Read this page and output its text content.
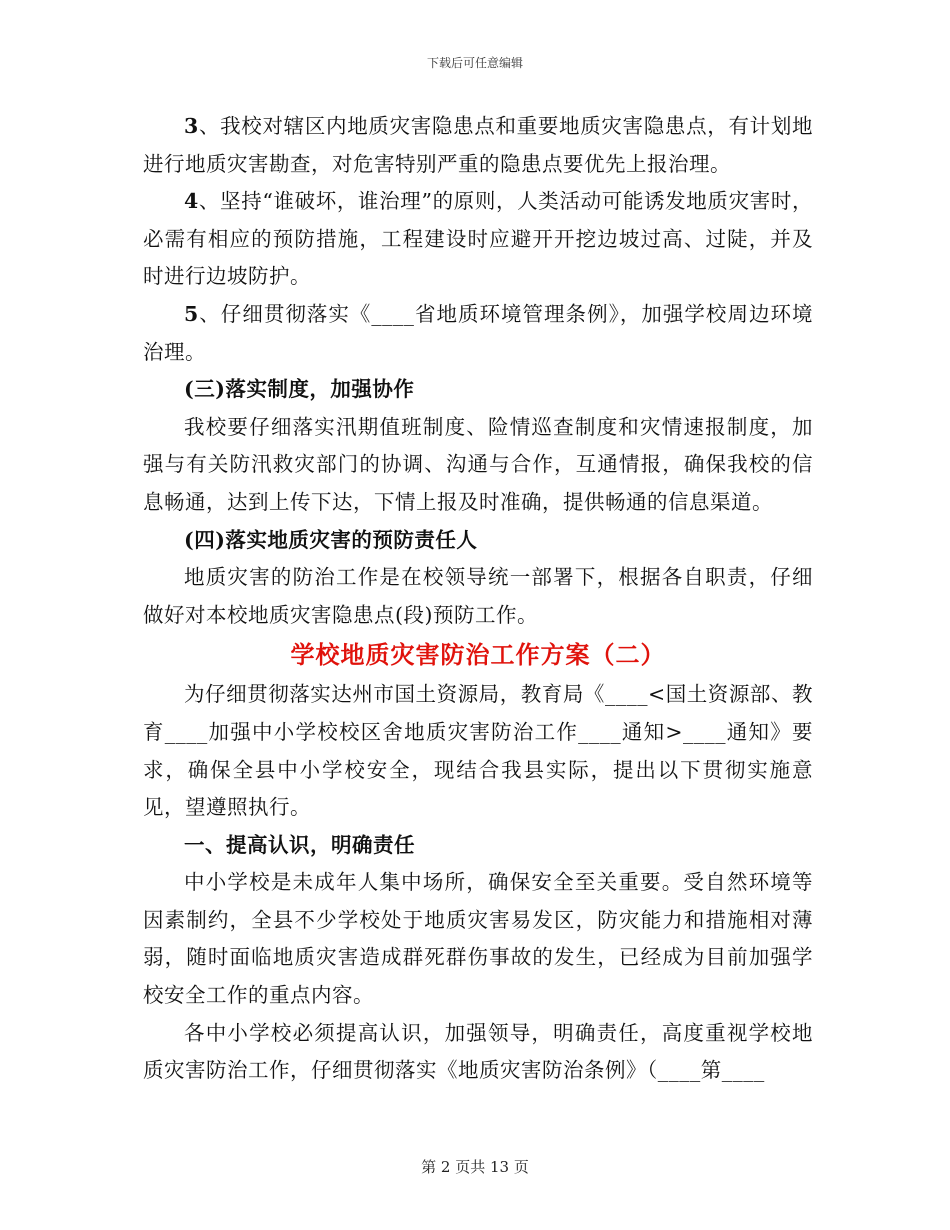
下载后可任意编辑

3、我校对辖区内地质灾害隐患点和重要地质灾害隐患点，有计划地进行地质灾害勘查，对危害特别严重的隐患点要优先上报治理。

4、坚持“谁破坏，谁治理”的原则，人类活动可能诱发地质灾害时，必需有相应的预防措施，工程建设时应避开开挖边坡过高、过陡，并及时进行边坡防护。

5、仔细贯彻落实《____省地质环境管理条例》，加强学校周边环境治理。

(三)落实制度，加强协作

我校要仔细落实汛期值班制度、险情巡查制度和灾情速报制度，加强与有关防汛救灾部门的协调、沟通与合作，互通情报，确保我校的信息畅通，达到上传下达，下情上报及时准确，提供畅通的信息渠道。

(四)落实地质灾害的预防责任人

地质灾害的防治工作是在校领导统一部署下，根据各自职责，仔细做好对本校地质灾害隐患点(段)预防工作。

学校地质灾害防治工作方案（二）

为仔细贯彻落实达州市国土资源局，教育局《____<国土资源部、教育____加强中小学校校区舍地质灾害防治工作____通知>____通知》要求，确保全县中小学校安全，现结合我县实际，提出以下贯彻实施意见，望遵照执行。

一、提高认识，明确责任

中小学校是未成年人集中场所，确保安全至关重要。受自然环境等因素制约，全县不少学校处于地质灾害易发区，防灾能力和措施相对薄弱，随时面临地质灾害造成群死群伤事故的发生，已经成为目前加强学校安全工作的重点内容。

各中小学校必须提高认识，加强领导，明确责任，高度重视学校地质灾害防治工作，仔细贯彻落实《地质灾害防治条例》（____第____

第 2 页共 13 页
